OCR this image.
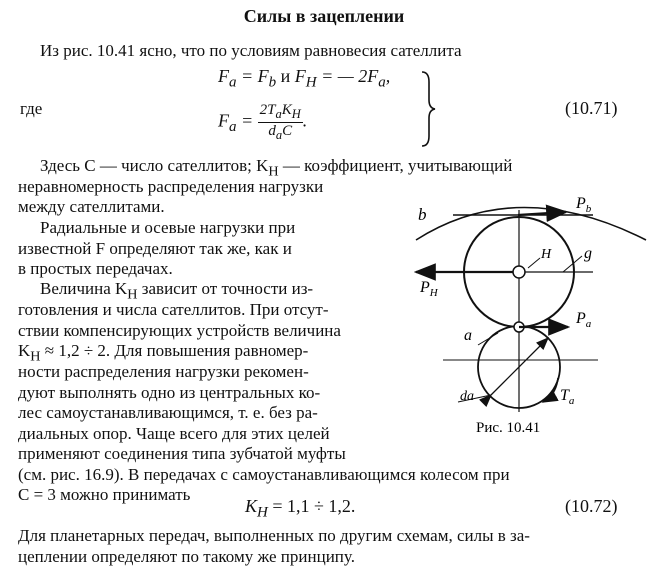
Силы в зацеплении
Из рис. 10.41 ясно, что по условиям равновесия сателлита
$F_a = F_b$ и $F_H$ = — $2F_a$,
где
$F_a = \frac{2T_aK_H}{d_aC}$ .
(10.71)
Здесь C — число сателлитов; $K_H$ — коэффициент, учитывающий
неравномерность распределения нагрузки
между сателлитами.
Радиальные и осевые нагрузки при
известной F определяют так же, как и
в простых передачах.
Величина $K_H$ зависит от точности из-
готовления и числа сателлитов. При отсут-
ствии компенсирующих устройств величина
$K_H \approx 1,2 \div 2$. Для повышения равномер-
ности распределения нагрузки рекомен-
дуют выполнять одно из центральных ко-
лес самоустанавливающимся, т. е. без ра-
диальных опор. Чаще всего для этих целей
применяют соединения типа зубчатой муфты
(см. рис. 16.9). В передачах с самоустанавливающимся колесом при
C = 3 можно принимать
$K_H = 1,1 \div 1,2$.	(10.72)
Для планетарных передач, выполненных по другим схемам, силы в за-
цеплении определяют по такому же принципу.
b
$P_b$
H g
$P_H$
a
$P_a$
da	$T_a$
Рис. 10.41
